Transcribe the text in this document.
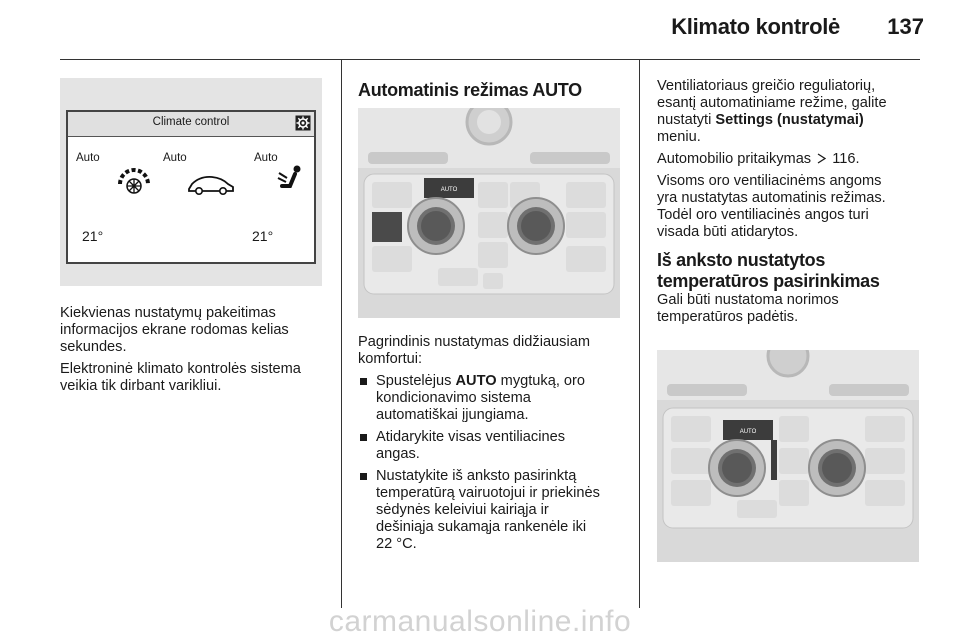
Klimato kontrolė 137
Climate control
Auto	Auto	Auto
21°	21°

Kiekvienas nustatymų pakeitimas
informacijos ekrane rodomas kelias
sekundes.

Elektroninė klimato kontrolės sistema
veikia tik dirbant varikliui.

Automatinis režimas AUTO
AUTO

Pagrindinis nustatymas didžiausiam
komfortui:

Spustelėjus AUTO mygtuką, oro
kondicionavimo sistema
automatiškai įjungiama.

Atidarykite visas ventiliacines
angas.

Nustatykite iš anksto pasirinktą
temperatūrą vairuotojui ir priekinės
sėdynės keleiviui kairiąja ir
dešiniąja sukamąja rankenėle iki
22 °C.

Ventiliatoriaus greičio reguliatorių,
esantį automatiniame režime, galite
nustatyti Settings (nustatymai)
meniu.

Automobilio pritaikymas 116.

Visoms oro ventiliacinėms angoms
yra nustatytas automatinis režimas.
Todėl oro ventiliacinės angos turi
visada būti atidarytos.

Iš anksto nustatytos
temperatūros pasirinkimas

Gali būti nustatoma norimos
temperatūros padėtis.

AUTO
carmanualsonline.info
